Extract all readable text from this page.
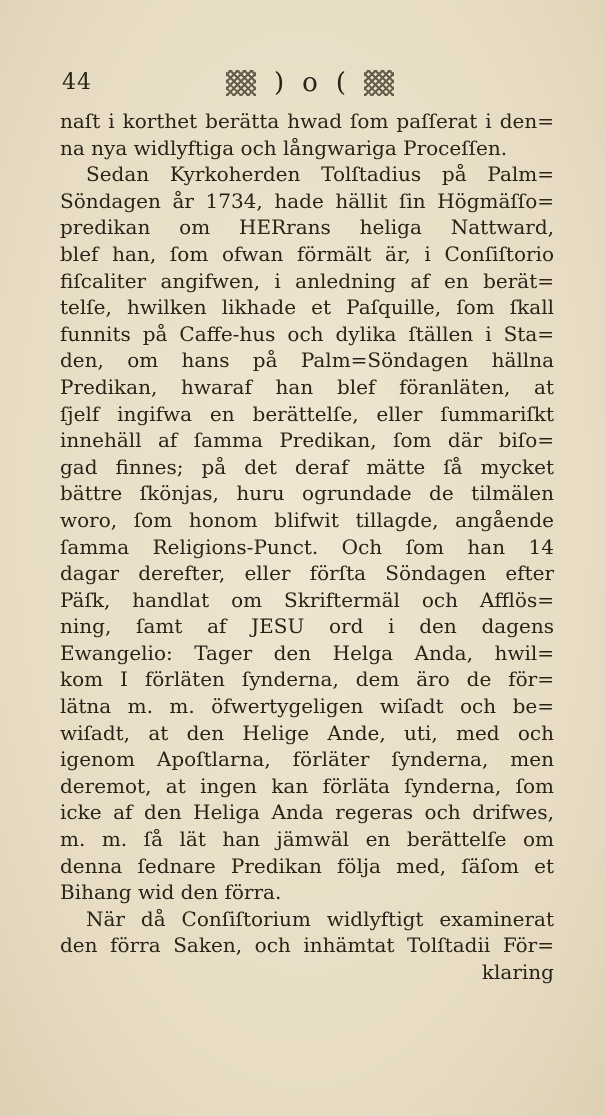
44	) o (
naſt i korthet berätta hwad ſom paſſerat i den=
na nya widlyftiga och långwariga Proceſſen.
Sedan Kyrkoherden Tolſtadius på Palm=
Söndagen år 1734, hade hällit ſin Högmäſſo=
predikan om HERrans heliga Nattward,
blef han, ſom ofwan förmält är, i Conſiſtorio
fiſcaliter angifwen, i anledning af en berät=
telſe, hwilken likhade et Paſquille, ſom ſkall
funnits på Caffe-hus och dylika ſtällen i Sta=
den, om hans på Palm=Söndagen hällna
Predikan, hwaraf han blef föranläten, at
ſjelf ingifwa en berättelſe, eller ſummariſkt
innehäll af ſamma Predikan, ſom där biſo=
gad finnes; på det deraf mätte ſå mycket
bättre ſkönjas, huru ogrundade de tilmälen
woro, ſom honom blifwit tillagde, angående
ſamma Religions-Punct. Och ſom han 14
dagar derefter, eller förſta Söndagen efter
Päſk, handlat om Skriftermäl och Afflös=
ning, ſamt af JESU ord i den dagens
Ewangelio: Tager den Helga Anda, hwil=
kom I förläten ſynderna, dem äro de för=
lätna m. m. öfwertygeligen wiſadt och be=
wiſadt, at den Helige Ande, uti, med och
igenom Apoſtlarna, förläter ſynderna, men
deremot, at ingen kan förläta ſynderna, ſom
icke af den Heliga Anda regeras och drifwes,
m. m. ſå lät han jämwäl en berättelſe om
denna ſednare Predikan följa med, ſäſom et
Bihang wid den förra.
När då Conſiſtorium widlyftigt examinerat
den förra Saken, och inhämtat Tolſtadii För=
klaring
